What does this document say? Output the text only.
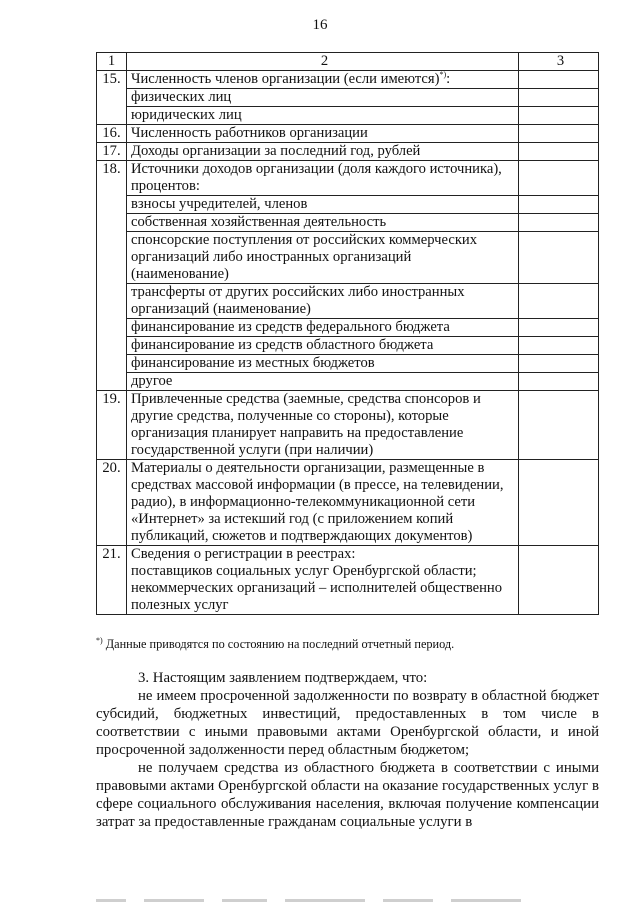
16
1	2	3
15.	Численность членов организации (если имеются)*):	
	физических лиц	
	юридических лиц	
16.	Численность работников организации	
17.	Доходы организации за последний год, рублей	
18.	Источники доходов организации (доля каждого источника),
процентов:	

	взносы учредителей, членов	

	собственная хозяйственная деятельность	

	спонсорские поступления от российских коммерческих
организаций либо иностранных организаций
(наименование)	

	трансферты от других российских либо иностранных
организаций (наименование)	

	финансирование из средств федерального бюджета	

	финансирование из средств областного бюджета	

	финансирование из местных бюджетов	

	другое	

19.	Привлеченные средства (заемные, средства спонсоров и
другие средства, полученные со стороны), которые
организация планирует направить на предоставление
государственной услуги (при наличии)	

20.	Материалы о деятельности организации, размещенные в
средствах массовой информации (в прессе, на телевидении,
радио), в информационно-телекоммуникационной сети
«Интернет» за истекший год (с приложением копий
публикаций, сюжетов и подтверждающих документов)	

21.	Сведения о регистрации в реестрах:
поставщиков социальных услуг Оренбургской области;
некоммерческих организаций – исполнителей общественно
полезных услуг	

*) Данные приводятся по состоянию на последний отчетный период.

3. Настоящим заявлением подтверждаем, что:

не имеем просроченной задолженности по возврату в областной бюджет субсидий, бюджетных инвестиций, предоставленных в том числе в соответствии с иными правовыми актами Оренбургской области, и иной просроченной задолженности перед областным бюджетом;

не получаем средства из областного бюджета в соответствии с иными правовыми актами Оренбургской области на оказание государственных услуг в сфере социального обслуживания населения, включая получение компенсации затрат за предоставленные гражданам социальные услуги в
